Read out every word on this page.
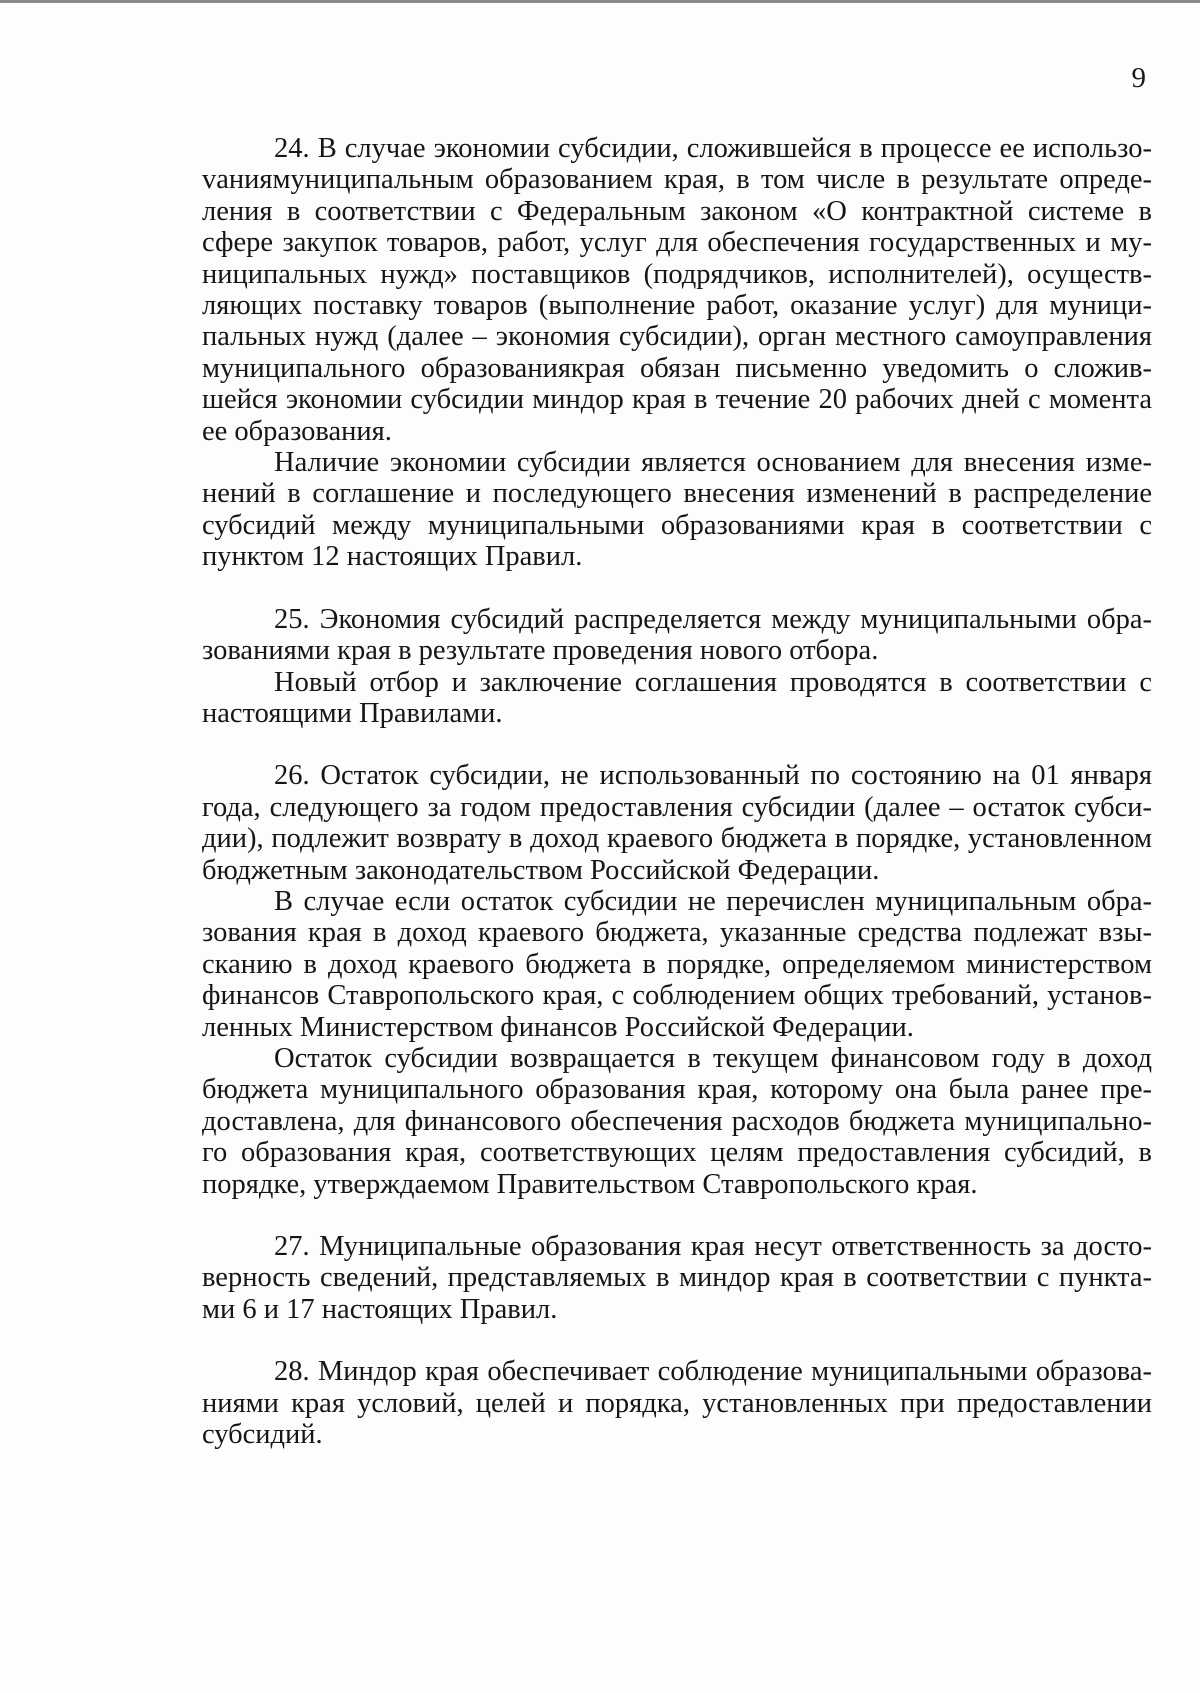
9

24. В случае экономии субсидии, сложившейся в процессе ее использоvаниямуниципальным образованием края, в том числе в результате определения в соответствии с Федеральным законом «О контрактной системе в сфере закупок товаров, работ, услуг для обеспечения государственных и муниципальных нужд» поставщиков (подрядчиков, исполнителей), осуществляющих поставку товаров (выполнение работ, оказание услуг) для муниципальных нужд (далее – экономия субсидии), орган местного самоуправления муниципального образованиякрая обязан письменно уведомить о сложившейся экономии субсидии миндор края в течение 20 рабочих дней с момента ее образования.

Наличие экономии субсидии является основанием для внесения изменений в соглашение и последующего внесения изменений в распределение субсидий между муниципальными образованиями края в соответствии с пунктом 12 настоящих Правил.

25. Экономия субсидий распределяется между муниципальными образованиями края в результате проведения нового отбора.

Новый отбор и заключение соглашения проводятся в соответствии с настоящими Правилами.

26. Остаток субсидии, не использованный по состоянию на 01 января года, следующего за годом предоставления субсидии (далее – остаток субсидии), подлежит возврату в доход краевого бюджета в порядке, установленном бюджетным законодательством Российской Федерации.

В случае если остаток субсидии не перечислен муниципальным образования края в доход краевого бюджета, указанные средства подлежат взысканию в доход краевого бюджета в порядке, определяемом министерством финансов Ставропольского края, с соблюдением общих требований, установленных Министерством финансов Российской Федерации.

Остаток субсидии возвращается в текущем финансовом году в доход бюджета муниципального образования края, которому она была ранее предоставлена, для финансового обеспечения расходов бюджета муниципального образования края, соответствующих целям предоставления субсидий, в порядке, утверждаемом Правительством Ставропольского края.

27. Муниципальные образования края несут ответственность за достоверность сведений, представляемых в миндор края в соответствии с пунктами 6 и 17 настоящих Правил.

28. Миндор края обеспечивает соблюдение муниципальными образованиями края условий, целей и порядка, установленных при предоставлении субсидий.
